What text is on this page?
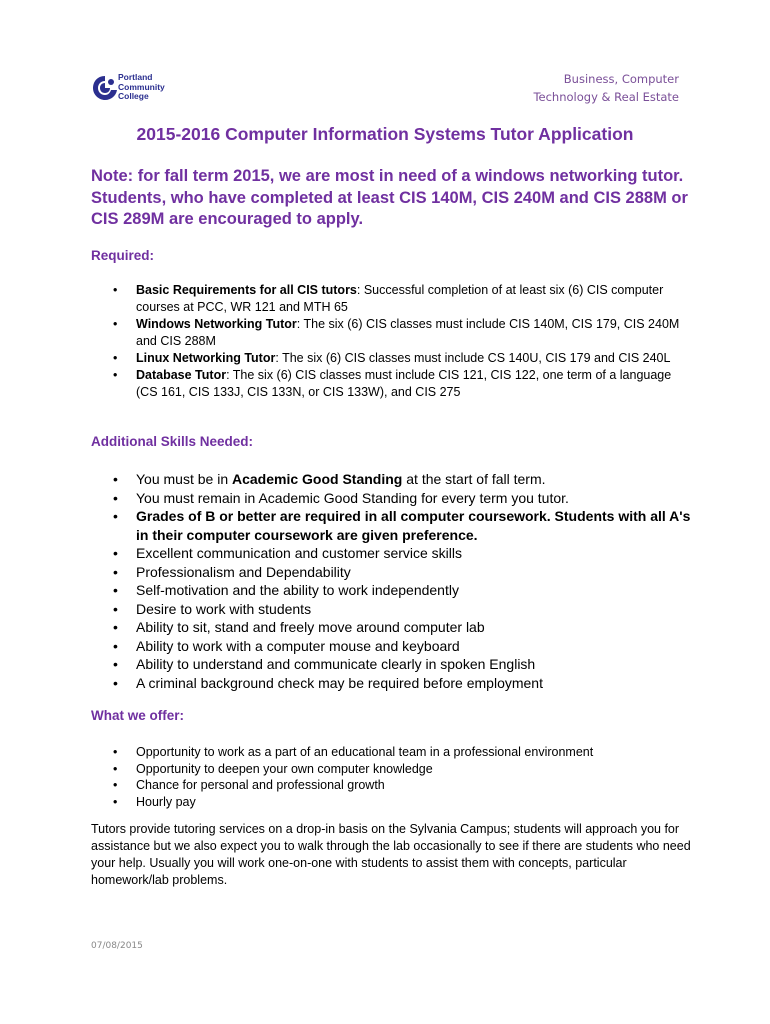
Portland
Community
College
Business, Computer
Technology & Real Estate
2015-2016 Computer Information Systems Tutor Application
Note: for fall term 2015, we are most in need of a windows networking tutor. Students, who have completed at least CIS 140M, CIS 240M and CIS 288M or CIS 289M are encouraged to apply.
Required:
• Basic Requirements for all CIS tutors: Successful completion of at least six (6) CIS computer courses at PCC, WR 121 and MTH 65
• Windows Networking Tutor: The six (6) CIS classes must include CIS 140M, CIS 179, CIS 240M and CIS 288M
• Linux Networking Tutor: The six (6) CIS classes must include CS 140U, CIS 179 and CIS 240L
• Database Tutor: The six (6) CIS classes must include CIS 121, CIS 122, one term of a language (CS 161, CIS 133J, CIS 133N, or CIS 133W), and CIS 275
Additional Skills Needed:
• You must be in Academic Good Standing at the start of fall term.
• You must remain in Academic Good Standing for every term you tutor.
• Grades of B or better are required in all computer coursework. Students with all A's in their computer coursework are given preference.
• Excellent communication and customer service skills
• Professionalism and Dependability
• Self-motivation and the ability to work independently
• Desire to work with students
• Ability to sit, stand and freely move around computer lab
• Ability to work with a computer mouse and keyboard
• Ability to understand and communicate clearly in spoken English
• A criminal background check may be required before employment
What we offer:
• Opportunity to work as a part of an educational team in a professional environment
• Opportunity to deepen your own computer knowledge
• Chance for personal and professional growth
• Hourly pay
Tutors provide tutoring services on a drop-in basis on the Sylvania Campus; students will approach you for assistance but we also expect you to walk through the lab occasionally to see if there are students who need your help. Usually you will work one-on-one with students to assist them with concepts, particular homework/lab problems.
07/08/2015
